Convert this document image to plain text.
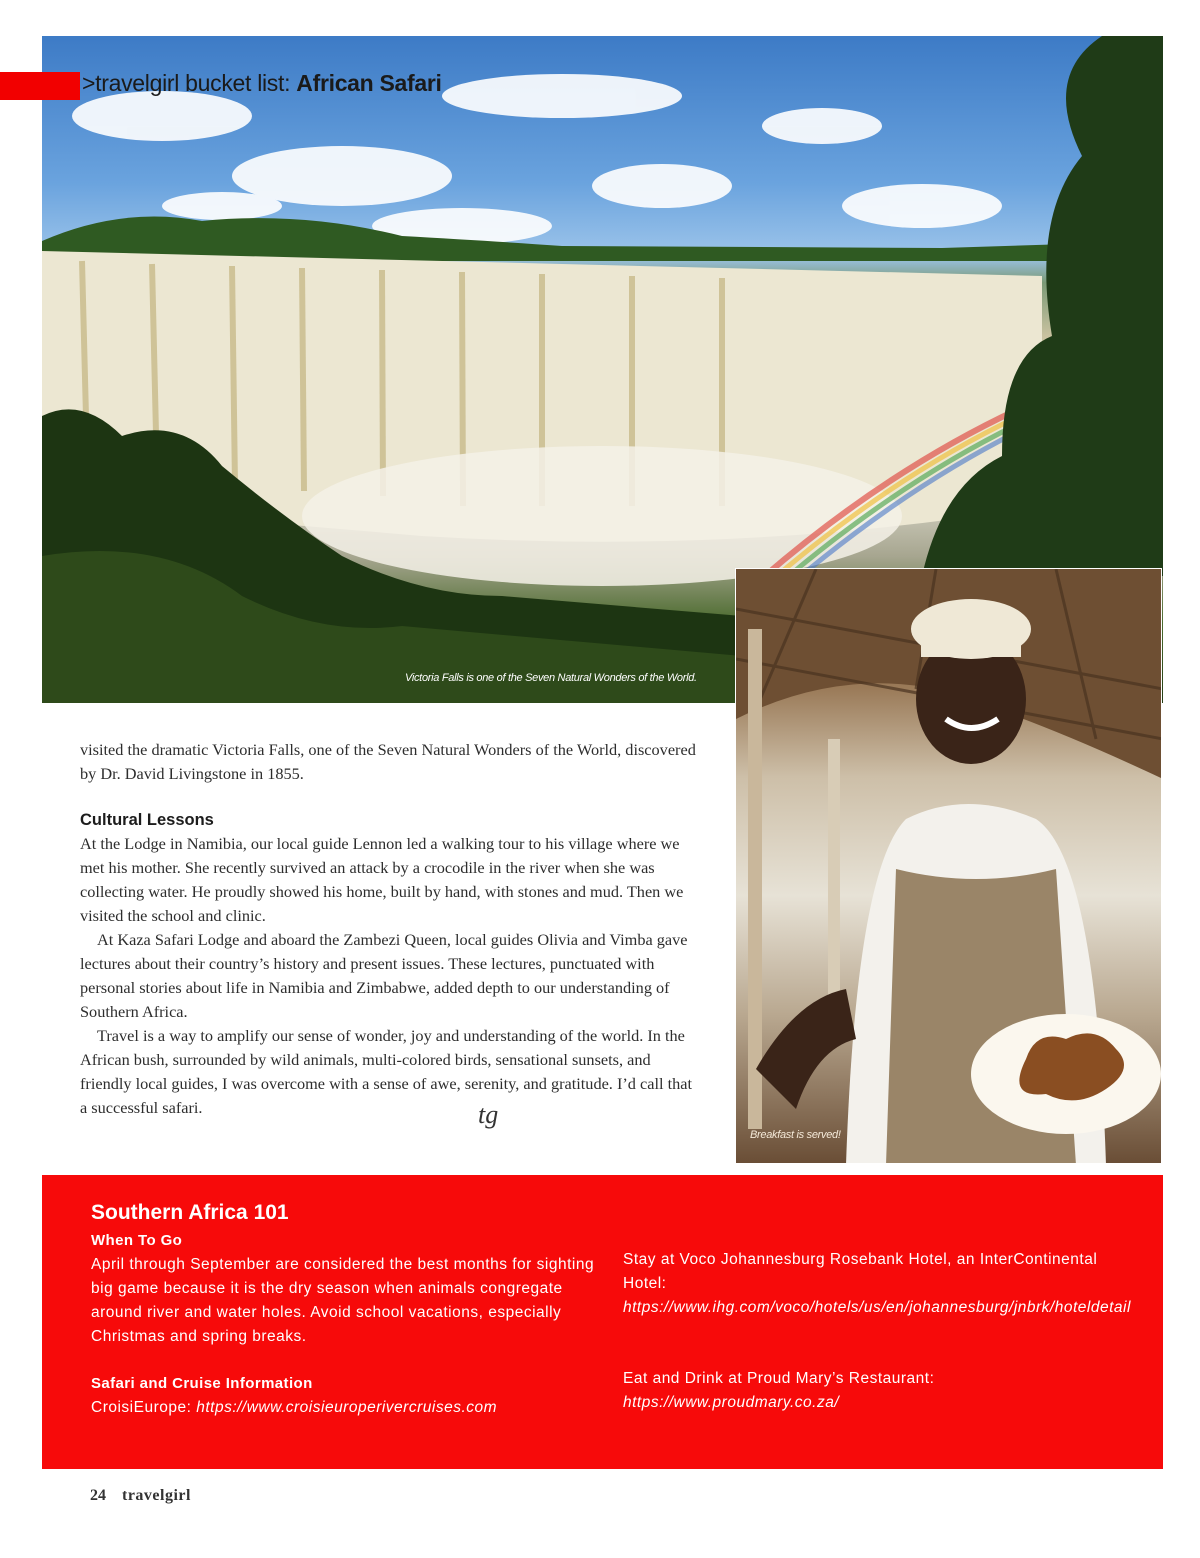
Victoria Falls is one of the Seven Natural Wonders of the World.
>travelgirl bucket list: African Safari
Breakfast is served!

visited the dramatic Victoria Falls, one of the Seven Natural Wonders of the World, discovered by Dr. David Livingstone in 1855.

Cultural Lessons

At the Lodge in Namibia, our local guide Lennon led a walking tour to his village where we met his mother. She recently survived an attack by a crocodile in the river when she was collecting water. He proudly showed his home, built by hand, with stones and mud. Then we visited the school and clinic.

At Kaza Safari Lodge and aboard the Zambezi Queen, local guides Olivia and Vimba gave lectures about their country’s history and present issues. These lectures, punctuated with personal stories about life in Namibia and Zimbabwe, added depth to our understanding of Southern Africa.

Travel is a way to amplify our sense of wonder, joy and understanding of the world. In the African bush, surrounded by wild animals, multi-colored birds, sensational sunsets, and friendly local guides, I was overcome with a sense of awe, serenity, and gratitude. I’d call that a successful safari.	tg
Southern Africa 101
When To Go
April through September are considered the best months for sighting big game because it is the dry season when animals congregate around river and water holes. Avoid school vacations, especially Christmas and spring breaks.
Safari and Cruise Information
CroisiEurope: https://www.croisieuroperivercruises.com
Stay at Voco Johannesburg Rosebank Hotel, an InterContinental Hotel:
https://www.ihg.com/voco/hotels/us/en/johannesburg/jnbrk/hoteldetail
Eat and Drink at Proud Mary’s Restaurant:
https://www.proudmary.co.za/
24 travelgirl
